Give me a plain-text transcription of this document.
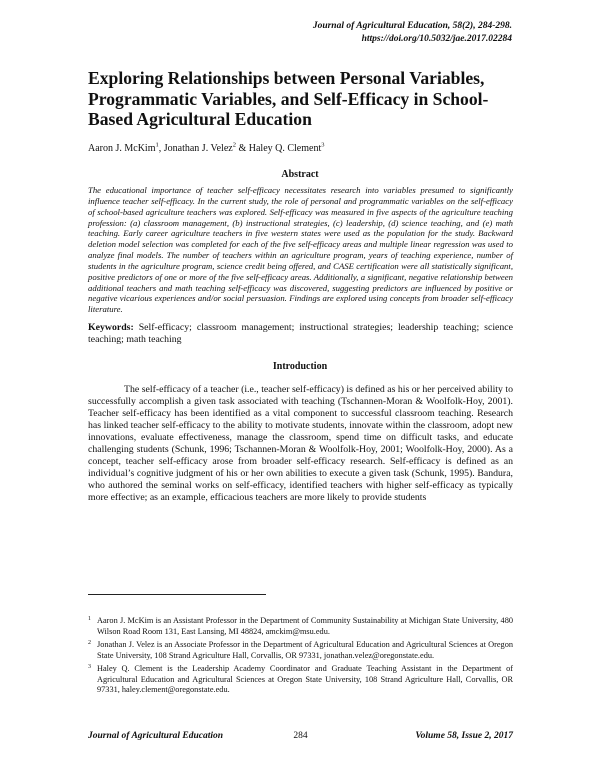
Journal of Agricultural Education, 58(2), 284-298.
https://doi.org/10.5032/jae.2017.02284
Exploring Relationships between Personal Variables, Programmatic Variables, and Self-Efficacy in School-Based Agricultural Education
Aaron J. McKim$^1$, Jonathan J. Velez$^2$ & Haley Q. Clement$^3$
Abstract
The educational importance of teacher self-efficacy necessitates research into variables presumed to significantly influence teacher self-efficacy. In the current study, the role of personal and programmatic variables on the self-efficacy of school-based agriculture teachers was explored. Self-efficacy was measured in five aspects of the agriculture teaching profession: (a) classroom management, (b) instructional strategies, (c) leadership, (d) science teaching, and (e) math teaching. Early career agriculture teachers in five western states were used as the population for the study. Backward deletion model selection was completed for each of the five self-efficacy areas and multiple linear regression was used to analyze final models. The number of teachers within an agriculture program, years of teaching experience, number of students in the agriculture program, science credit being offered, and CASE certification were all statistically significant, positive predictors of one or more of the five self-efficacy areas. Additionally, a significant, negative relationship between additional teachers and math teaching self-efficacy was discovered, suggesting predictors are influenced by positive or negative vicarious experiences and/or social persuasion. Findings are explored using concepts from broader self-efficacy literature.
Keywords: Self-efficacy; classroom management; instructional strategies; leadership teaching; science teaching; math teaching
Introduction
The self-efficacy of a teacher (i.e., teacher self-efficacy) is defined as his or her perceived ability to successfully accomplish a given task associated with teaching (Tschannen-Moran & Woolfolk-Hoy, 2001). Teacher self-efficacy has been identified as a vital component to successful classroom teaching. Research has linked teacher self-efficacy to the ability to motivate students, innovate within the classroom, adopt new innovations, evaluate effectiveness, manage the classroom, spend time on difficult tasks, and educate challenging students (Schunk, 1996; Tschannen-Moran & Woolfolk-Hoy, 2001; Woolfolk-Hoy, 2000). As a concept, teacher self-efficacy arose from broader self-efficacy research. Self-efficacy is defined as an individual’s cognitive judgment of his or her own abilities to execute a given task (Schunk, 1995). Bandura, who authored the seminal works on self-efficacy, identified teachers with higher self-efficacy as typically more effective; as an example, efficacious teachers are more likely to provide students
1 Aaron J. McKim is an Assistant Professor in the Department of Community Sustainability at Michigan State University, 480 Wilson Road Room 131, East Lansing, MI 48824, amckim@msu.edu.
2 Jonathan J. Velez is an Associate Professor in the Department of Agricultural Education and Agricultural Sciences at Oregon State University, 108 Strand Agriculture Hall, Corvallis, OR 97331, jonathan.velez@oregonstate.edu.
3 Haley Q. Clement is the Leadership Academy Coordinator and Graduate Teaching Assistant in the Department of Agricultural Education and Agricultural Sciences at Oregon State University, 108 Strand Agriculture Hall, Corvallis, OR 97331, haley.clement@oregonstate.edu.
Journal of Agricultural Education	284	Volume 58, Issue 2, 2017
